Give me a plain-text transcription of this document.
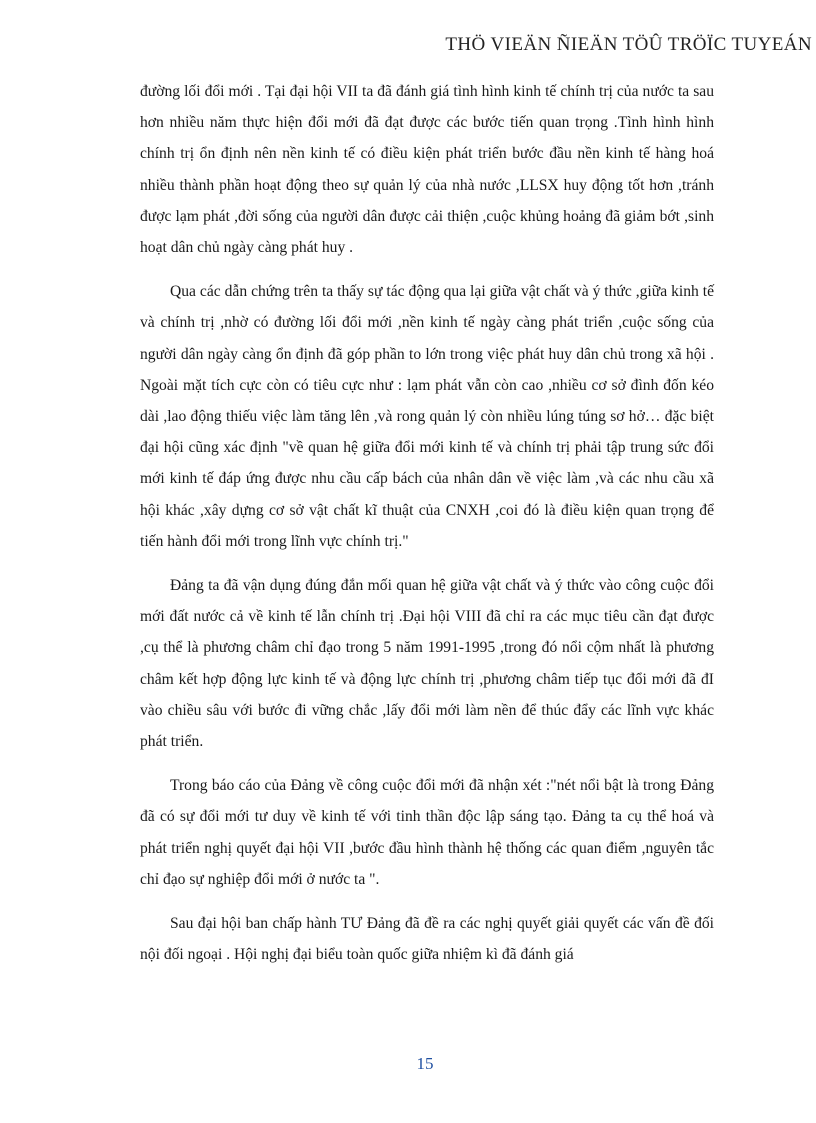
THÖ VIEÄN ÑIEÄN TÖÛ TRÖÏC TUYEÁN

đường lối đổi mới . Tại đại hội VII ta đã đánh giá tình hình kinh tế chính trị của nước ta sau hơn nhiều năm thực hiện đổi mới đã đạt được các bước tiến quan trọng .Tình hình hình chính trị ổn định nên nền kinh tế có điều kiện phát triển bước đầu nền kinh tế hàng hoá nhiều thành phần hoạt động theo sự quản lý của nhà nước ,LLSX huy động tốt hơn ,tránh được lạm phát ,đời sống của người dân được cải thiện ,cuộc khủng hoảng đã giảm bớt ,sinh hoạt dân chủ ngày càng phát huy .

Qua các dẫn chứng trên ta thấy sự tác động qua lại giữa vật chất và ý thức ,giữa kinh tế và chính trị ,nhờ có đường lối đổi mới ,nền kinh tế ngày càng phát triển ,cuộc sống của người dân ngày càng ổn định đã góp phần to lớn trong việc phát huy dân chủ trong xã hội . Ngoài mặt tích cực còn có tiêu cực như : lạm phát vẫn còn cao ,nhiều cơ sở đình đốn kéo dài ,lao động thiếu việc làm tăng lên ,và rong quản lý còn nhiều lúng túng sơ hở… đặc biệt đại hội cũng xác định "về quan hệ giữa đổi mới kinh tế và chính trị phải tập trung sức đổi mới kinh tế đáp ứng được nhu cầu cấp bách của nhân dân về việc làm ,và các nhu cầu xã hội khác ,xây dựng cơ sở vật chất kĩ thuật của CNXH ,coi đó là điều kiện quan trọng để tiến hành đổi mới trong lĩnh vực chính trị."

Đảng ta đã vận dụng đúng đắn mối quan hệ giữa vật chất và ý thức vào công cuộc đổi mới đất nước cả về kinh tế lẫn chính trị .Đại hội VIII đã chỉ ra các mục tiêu cần đạt được ,cụ thể là phương châm chỉ đạo trong 5 năm 1991-1995 ,trong đó nổi cộm nhất là phương châm kết hợp động lực kinh tế và động lực chính trị ,phương châm tiếp tục đổi mới đã đI vào chiều sâu với bước đi vững chắc ,lấy đổi mới làm nền để thúc đẩy các lĩnh vực khác phát triển.

Trong báo cáo của Đảng về công cuộc đổi mới đã nhận xét :"nét nổi bật là trong Đảng đã có sự đổi mới tư duy về kinh tế với tinh thần độc lập sáng tạo. Đảng ta cụ thể hoá và phát triển nghị quyết đại hội VII ,bước đầu hình thành hệ thống các quan điểm ,nguyên tắc chỉ đạo sự nghiệp đổi mới ở nước ta ".

Sau đại hội ban chấp hành TƯ Đảng đã đề ra các nghị quyết giải quyết các vấn đề đối nội đối ngoại . Hội nghị đại biểu toàn quốc giữa nhiệm kì đã đánh giá

15
